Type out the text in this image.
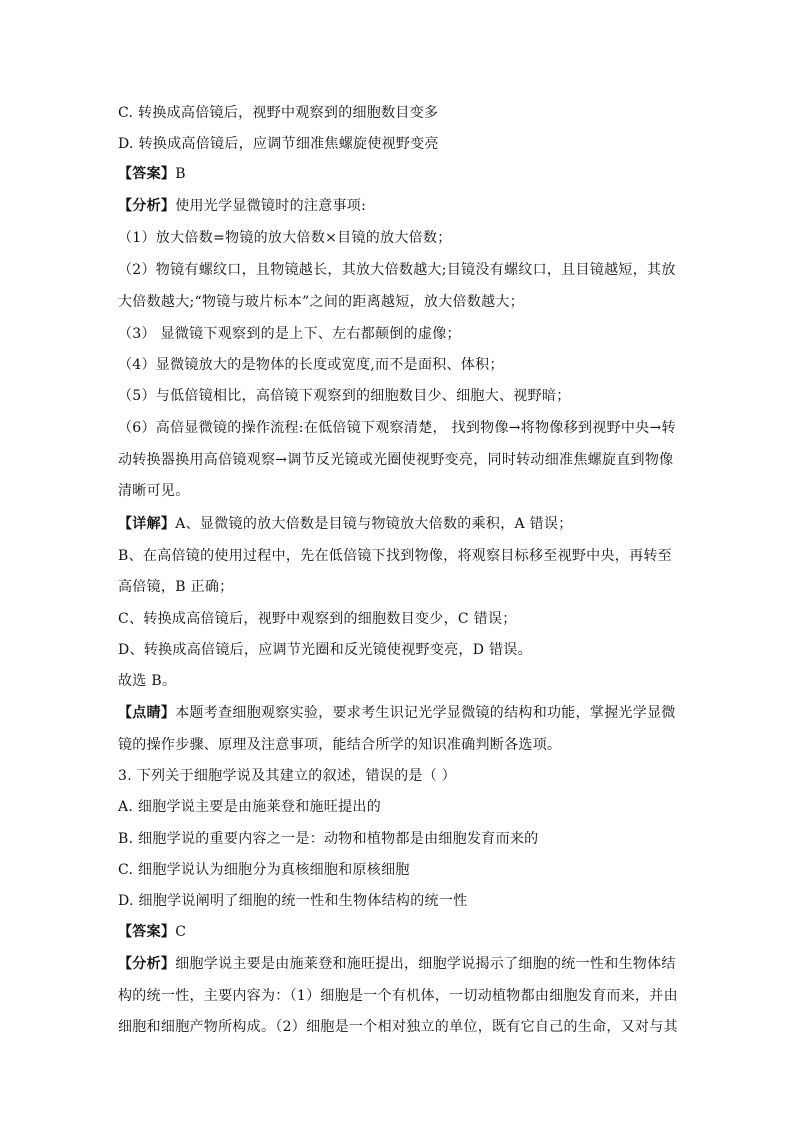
C. 转换成高倍镜后，视野中观察到的细胞数目变多
D. 转换成高倍镜后，应调节细准焦螺旋使视野变亮
【答案】B
【分析】使用光学显微镜时的注意事项:
（1）放大倍数=物镜的放大倍数×目镜的放大倍数；
（2）物镜有螺纹口，且物镜越长，其放大倍数越大;目镜没有螺纹口，且目镜越短，其放
大倍数越大;“物镜与玻片标本”之间的距离越短，放大倍数越大；
（3） 显微镜下观察到的是上下、左右都颠倒的虚像；
（4）显微镜放大的是物体的长度或宽度,而不是面积、体积；
（5）与低倍镜相比，高倍镜下观察到的细胞数目少、细胞大、视野暗；
（6）高倍显微镜的操作流程:在低倍镜下观察清楚， 找到物像→将物像移到视野中央→转
动转换器换用高倍镜观察→调节反光镜或光圈使视野变亮，同时转动细准焦螺旋直到物像
清晰可见。
【详解】A、显微镜的放大倍数是目镜与物镜放大倍数的乘积，A 错误；
B、在高倍镜的使用过程中，先在低倍镜下找到物像，将观察目标移至视野中央，再转至
高倍镜，B 正确；
C、转换成高倍镜后，视野中观察到的细胞数目变少，C 错误；
D、转换成高倍镜后，应调节光圈和反光镜使视野变亮，D 错误。
故选 B。
【点睛】本题考查细胞观察实验，要求考生识记光学显微镜的结构和功能，掌握光学显微
镜的操作步骤、原理及注意事项，能结合所学的知识准确判断各选项。
3. 下列关于细胞学说及其建立的叙述，错误的是（ ）
A. 细胞学说主要是由施莱登和施旺提出的
B. 细胞学说的重要内容之一是：动物和植物都是由细胞发育而来的
C. 细胞学说认为细胞分为真核细胞和原核细胞
D. 细胞学说阐明了细胞的统一性和生物体结构的统一性
【答案】C
【分析】细胞学说主要是由施莱登和施旺提出，细胞学说揭示了细胞的统一性和生物体结
构的统一性，主要内容为：（1）细胞是一个有机体，一切动植物都由细胞发育而来，并由
细胞和细胞产物所构成。（2）细胞是一个相对独立的单位，既有它自己的生命，又对与其
